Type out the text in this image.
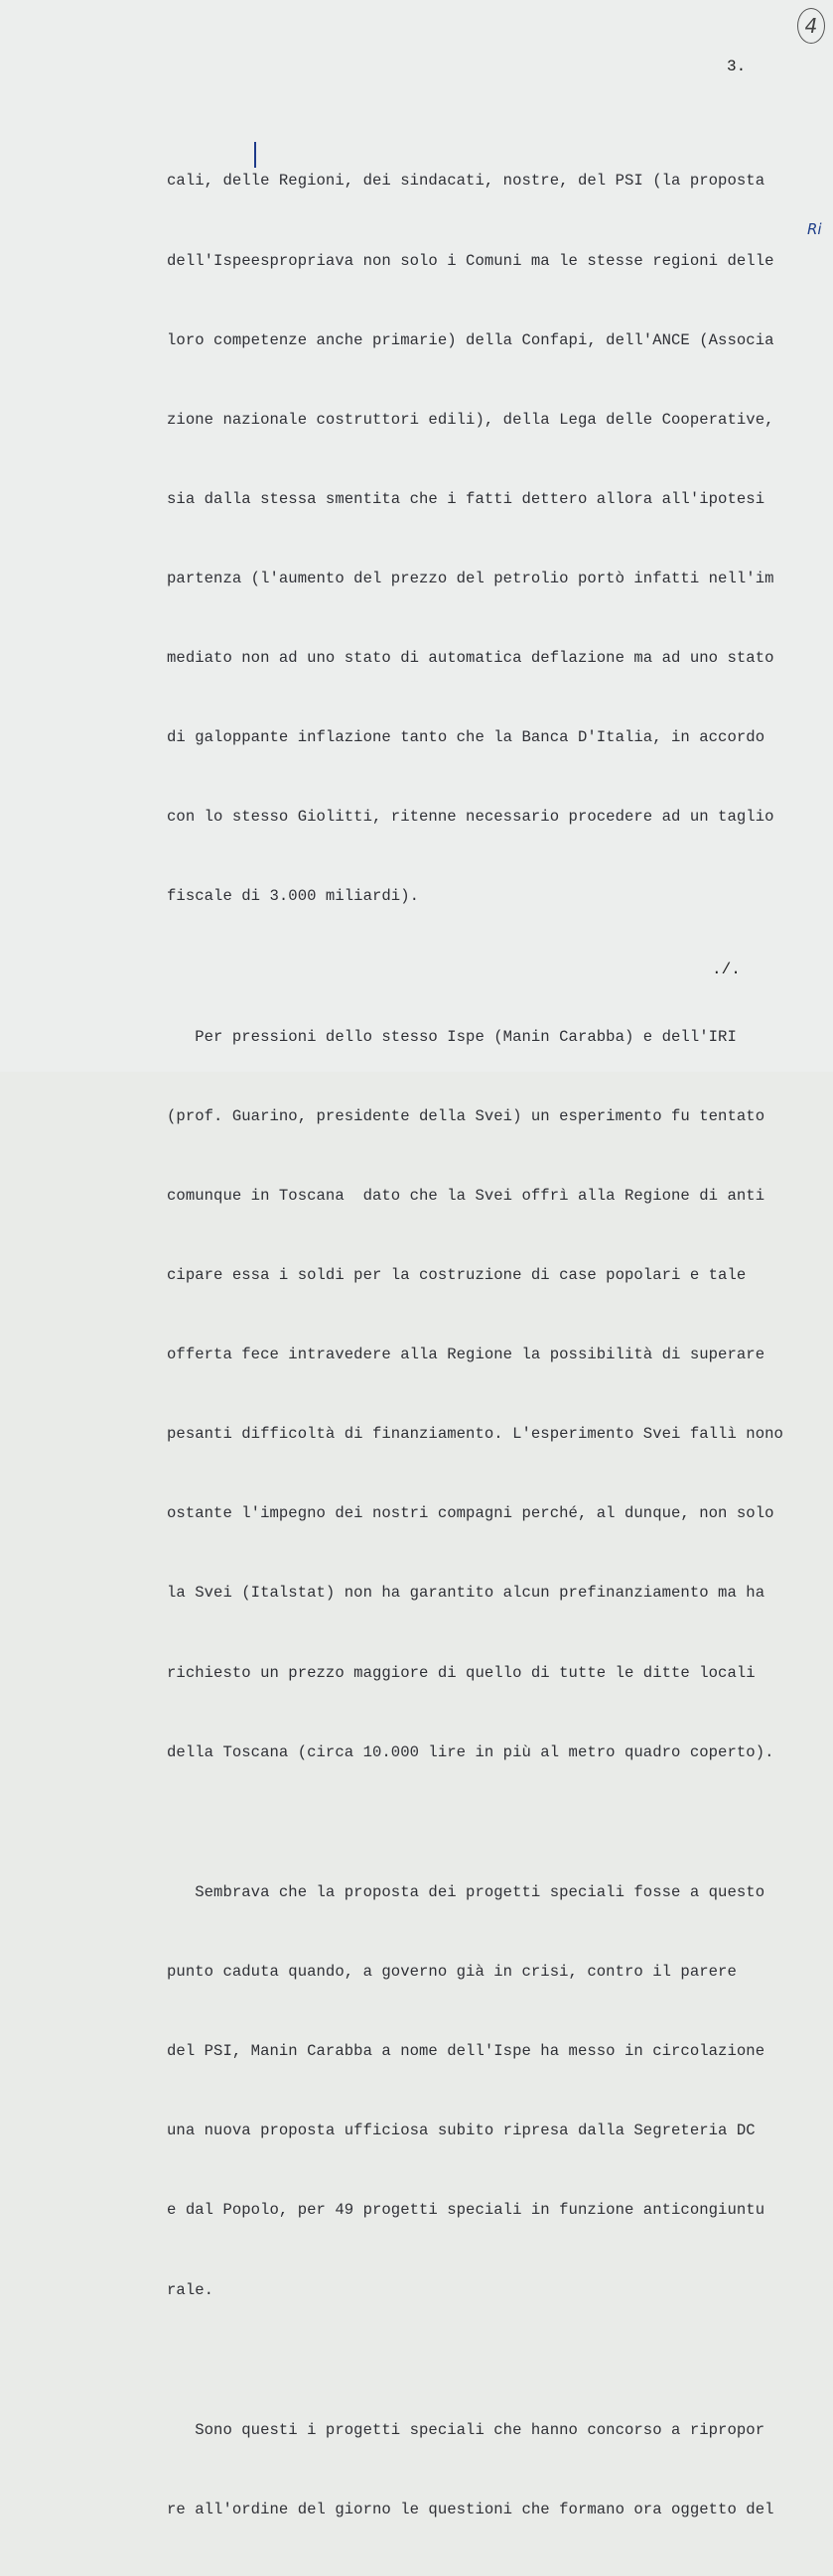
4
3.
Ri

cali, delle Regioni, dei sindacati, nostre, del PSI (la proposta

dell'Ispeespropriava non solo i Comuni ma le stesse regioni delle

loro competenze anche primarie) della Confapi, dell'ANCE (Associa

zione nazionale costruttori edili), della Lega delle Cooperative,

sia dalla stessa smentita che i fatti dettero allora all'ipotesi

partenza (l'aumento del prezzo del petrolio portò infatti nell'im

mediato non ad uno stato di automatica deflazione ma ad uno stato

di galoppante inflazione tanto che la Banca D'Italia, in accordo

con lo stesso Giolitti, ritenne necessario procedere ad un taglio

fiscale di 3.000 miliardi).

Per pressioni dello stesso Ispe (Manin Carabba) e dell'IRI

(prof. Guarino, presidente della Svei) un esperimento fu tentato

comunque in Toscana  dato che la Svei offrì alla Regione di anti

cipare essa i soldi per la costruzione di case popolari e tale

offerta fece intravedere alla Regione la possibilità di superare

pesanti difficoltà di finanziamento. L'esperimento Svei fallì nono

ostante l'impegno dei nostri compagni perché, al dunque, non solo

la Svei (Italstat) non ha garantito alcun prefinanziamento ma ha

richiesto un prezzo maggiore di quello di tutte le ditte locali

della Toscana (circa 10.000 lire in più al metro quadro coperto).

Sembrava che la proposta dei progetti speciali fosse a questo

punto caduta quando, a governo già in crisi, contro il parere

del PSI, Manin Carabba a nome dell'Ispe ha messo in circolazione

una nuova proposta ufficiosa subito ripresa dalla Segreteria DC

e dal Popolo, per 49 progetti speciali in funzione anticongiuntu

rale.

Sono questi i progetti speciali che hanno concorso a ripropor

re all'ordine del giorno le questioni che formano ora oggetto del

./.
